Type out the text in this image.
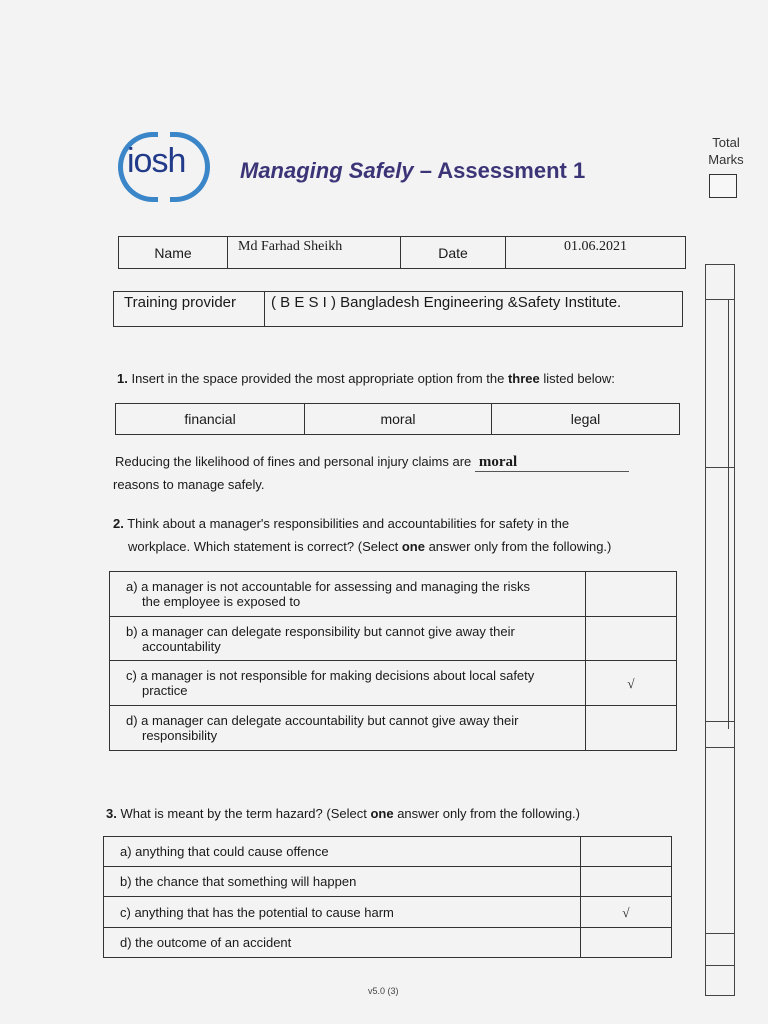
iosh Managing Safely – Assessment 1
Total
Marks
Name	Md Farhad Sheikh	Date	01.06.2021
Training provider	( B E S I ) Bangladesh Engineering &Safety Institute.
1. Insert in the space provided the most appropriate option from the three listed below:
financial	moral	legal
Reducing the likelihood of fines and personal injury claims are moral
reasons to manage safely.
2. Think about a manager's responsibilities and accountabilities for safety in the
workplace. Which statement is correct? (Select one answer only from the following.)
a) a manager is not accountable for assessing and managing the risks
the employee is exposed to	

b) a manager can delegate responsibility but cannot give away their
accountability	

c) a manager is not responsible for making decisions about local safety
practice	√

d) a manager can delegate accountability but cannot give away their
responsibility	

3. What is meant by the term hazard? (Select one answer only from the following.)
a) anything that could cause offence	
b) the chance that something will happen	
c) anything that has the potential to cause harm	√
d) the outcome of an accident	
v5.0 (3)
